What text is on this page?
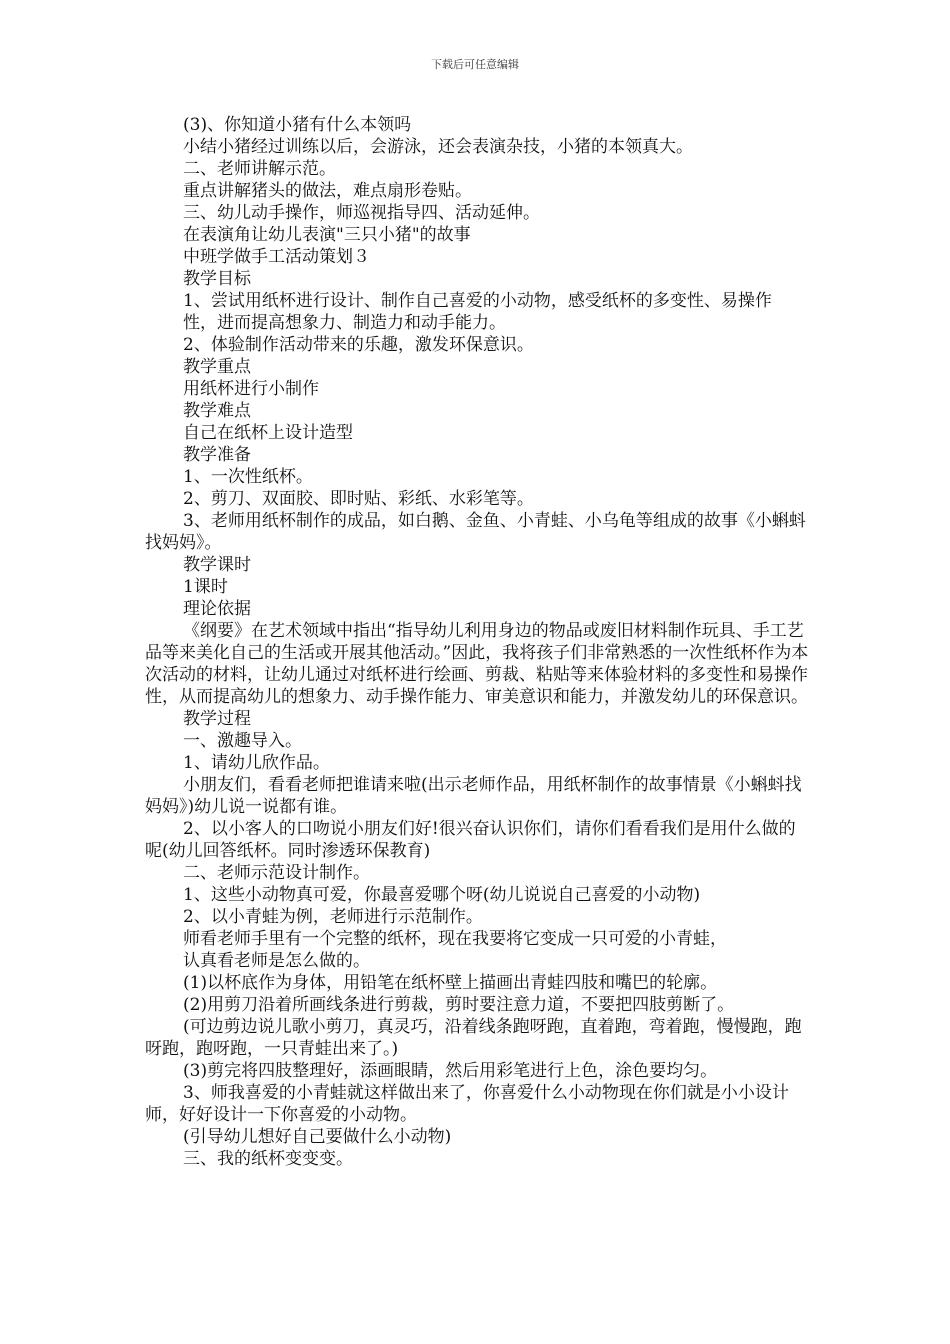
下载后可任意编辑

(3)、你知道小猪有什么本领吗

小结小猪经过训练以后，会游泳，还会表演杂技，小猪的本领真大。

二、老师讲解示范。

重点讲解猪头的做法，难点扇形卷贴。

三、幼儿动手操作，师巡视指导四、活动延伸。

在表演角让幼儿表演"三只小猪"的故事

中班学做手工活动策划３

教学目标

1、尝试用纸杯进行设计、制作自己喜爱的小动物，感受纸杯的多变性、易操作

性，进而提高想象力、制造力和动手能力。

2、体验制作活动带来的乐趣，激发环保意识。

教学重点

用纸杯进行小制作

教学难点

自己在纸杯上设计造型

教学准备

1、一次性纸杯。

2、剪刀、双面胶、即时贴、彩纸、水彩笔等。

3、老师用纸杯制作的成品，如白鹅、金鱼、小青蛙、小乌龟等组成的故事《小蝌蚪找妈妈》。

教学课时

1课时

理论依据

《纲要》在艺术领域中指出“指导幼儿利用身边的物品或废旧材料制作玩具、手工艺品等来美化自己的生活或开展其他活动。”因此，我将孩子们非常熟悉的一次性纸杯作为本次活动的材料，让幼儿通过对纸杯进行绘画、剪裁、粘贴等来体验材料的多变性和易操作性，从而提高幼儿的想象力、动手操作能力、审美意识和能力，并激发幼儿的环保意识。

教学过程

一、激趣导入。

1、请幼儿欣作品。

小朋友们，看看老师把谁请来啦(出示老师作品，用纸杯制作的故事情景《小蝌蚪找妈妈》)幼儿说一说都有谁。

2、以小客人的口吻说小朋友们好!很兴奋认识你们，请你们看看我们是用什么做的呢(幼儿回答纸杯。同时渗透环保教育)

二、老师示范设计制作。

1、这些小动物真可爱，你最喜爱哪个呀(幼儿说说自己喜爱的小动物)

2、以小青蛙为例，老师进行示范制作。

师看老师手里有一个完整的纸杯，现在我要将它变成一只可爱的小青蛙，

认真看老师是怎么做的。

(1)以杯底作为身体，用铅笔在纸杯壁上描画出青蛙四肢和嘴巴的轮廓。

(2)用剪刀沿着所画线条进行剪裁，剪时要注意力道，不要把四肢剪断了。

(可边剪边说儿歌小剪刀，真灵巧，沿着线条跑呀跑，直着跑，弯着跑，慢慢跑，跑呀跑，跑呀跑，一只青蛙出来了。)

(3)剪完将四肢整理好，添画眼睛，然后用彩笔进行上色，涂色要均匀。

3、师我喜爱的小青蛙就这样做出来了，你喜爱什么小动物现在你们就是小小设计师，好好设计一下你喜爱的小动物。

(引导幼儿想好自己要做什么小动物)

三、我的纸杯变变变。
